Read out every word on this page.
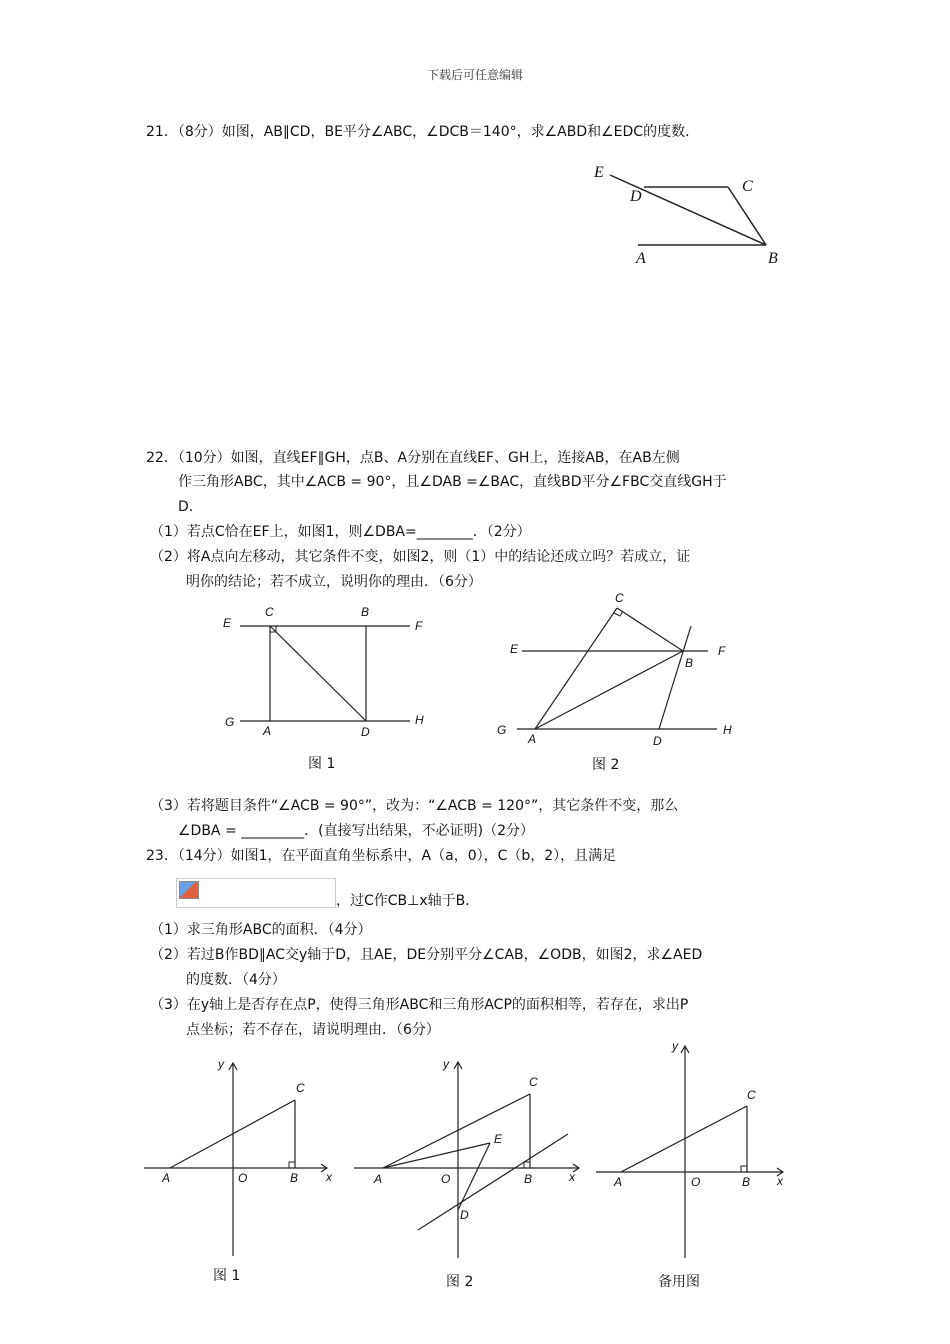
下载后可任意编辑
21．（8分）如图，AB∥CD，BE平分∠ABC，∠DCB＝140°，求∠ABD和∠EDC的度数．
E
D
C
A	B
22．（10分）如图，直线EF∥GH，点B、A分别在直线EF、GH上，连接AB，在AB左侧
作三角形ABC，其中∠ACB = 90°，且∠DAB =∠BAC，直线BD平分∠FBC交直线GH于
D．
（1）若点C恰在EF上，如图1，则∠DBA=________．（2分）
（2）将A点向左移动，其它条件不变，如图2，则（1）中的结论还成立吗？若成立，证
明你的结论；若不成立，说明你的理由．（6分）
C	B
E	F
G	H
A	D
图 1
C
E	F
B
G	H
A	D
图 2
（3）若将题目条件“∠ACB = 90°”，改为：“∠ACB = 120°”，其它条件不变，那么
∠DBA = _________．(直接写出结果，不必证明)（2分）
23．（14分）如图1，在平面直角坐标系中，A（a，0），C（b，2），且满足
，过C作CB⊥x轴于B．
（1）求三角形ABC的面积．（4分）
（2）若过B作BD∥AC交y轴于D，且AE，DE分别平分∠CAB，∠ODB，如图2，求∠AED
的度数．（4分）
（3）在y轴上是否存在点P，使得三角形ABC和三角形ACP的面积相等，若存在，求出P
点坐标；若不存在，请说明理由．（6分）
y
x
A	O	B
C
图 1
y
x
A	O	B
C
E
D
图 2
y
x
A	O	B
C
备用图
